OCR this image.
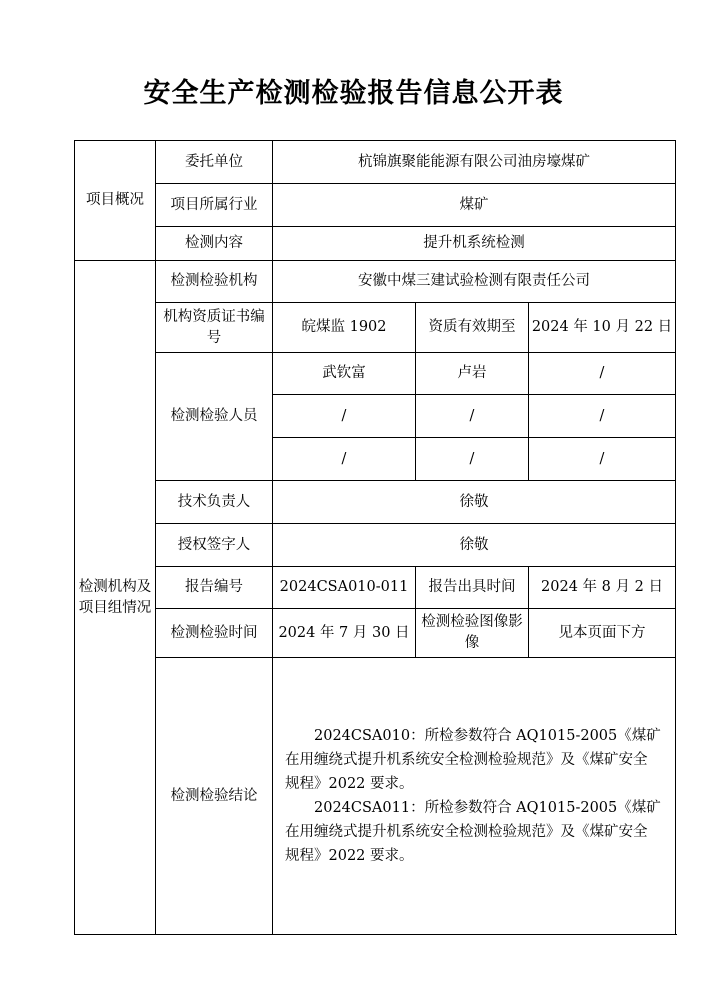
安全生产检测检验报告信息公开表
项目概况	委托单位	杭锦旗聚能能源有限公司油房壕煤矿		
	项目所属行业	煤矿		
	检测内容	提升机系统检测		
检测机构及项目组情况	检测检验机构	安徽中煤三建试验检测有限责任公司		
	机构资质证书编号	皖煤监 1902	资质有效期至	2024 年 10 月 22 日
	检测检验人员	武钦富	卢岩	/
		/	/	/
		/	/	/
	技术负责人	徐敬		
	授权签字人	徐敬		
	报告编号	2024CSA010-011	报告出具时间	2024 年 8 月 2 日
	检测检验时间	2024 年 7 月 30 日	检测检验图像影像	见本页面下方
	检测检验结论	2024CSA010：所检参数符合 AQ1015-2005《煤矿在用缠绕式提升机系统安全检测检验规范》及《煤矿安全规程》2022 要求。

2024CSA011：所检参数符合 AQ1015-2005《煤矿在用缠绕式提升机系统安全检测检验规范》及《煤矿安全规程》2022 要求。		
